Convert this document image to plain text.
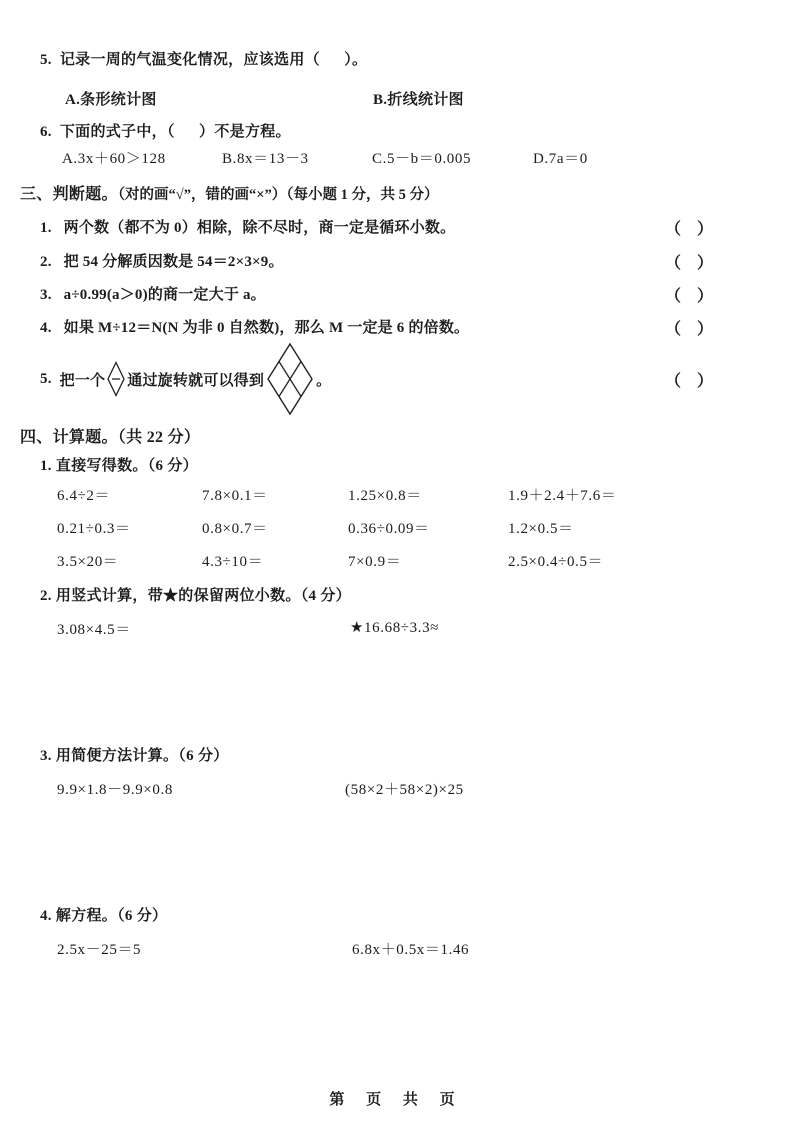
5. 记录一周的气温变化情况，应该选用（      ）。
A.条形统计图	B.折线统计图
6. 下面的式子中，（      ）不是方程。
A.3x＋60＞128	B.8x＝13－3	C.5－b＝0.005	D.7a＝0
三、判断题。（对的画“√”，错的画“×”）（每小题 1 分，共 5 分）
1. 两个数（都不为 0）相除，除不尽时，商一定是循环小数。	（    ）
2. 把 54 分解质因数是 54＝2×3×9。	（    ）
3. a÷0.99(a＞0)的商一定大于 a。	（    ）
4. 如果 M÷12＝N(N 为非 0 自然数)，那么 M 一定是 6 的倍数。	（    ）
5. 把一个 通过旋转就可以得到	。	（    ）
四、计算题。（共 22 分）
1. 直接写得数。（6 分）
6.4÷2＝	7.8×0.1＝	1.25×0.8＝	1.9＋2.4＋7.6＝
0.21÷0.3＝	0.8×0.7＝	0.36÷0.09＝	1.2×0.5＝
3.5×20＝	4.3÷10＝	7×0.9＝	2.5×0.4÷0.5＝
2. 用竖式计算，带★的保留两位小数。（4 分）
3.08×4.5＝	★16.68÷3.3≈
3. 用简便方法计算。（6 分）
9.9×1.8－9.9×0.8	(58×2＋58×2)×25
4. 解方程。（6 分）
2.5x－25＝5	6.8x＋0.5x＝1.46
第 页 共 页
